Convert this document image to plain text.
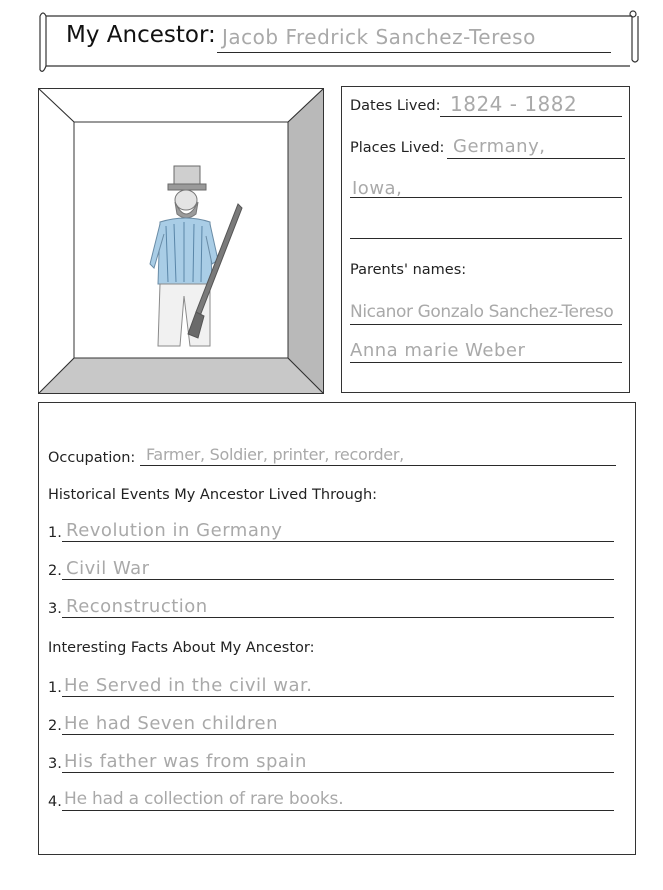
My Ancestor: Jacob Fredrick Sanchez-Tereso
Dates Lived: 1824 - 1882
Places Lived: Germany,
Iowa,
Parents' names:
Nicanor Gonzalo Sanchez-Tereso
Anna marie Weber
Occupation: Farmer, Soldier, printer, recorder,
Historical Events My Ancestor Lived Through:
1. Revolution in Germany
2. Civil War
3. Reconstruction
Interesting Facts About My Ancestor:
1. He Served in the civil war.
2. He had Seven children
3. His father was from spain
4. He had a collection of rare books.
